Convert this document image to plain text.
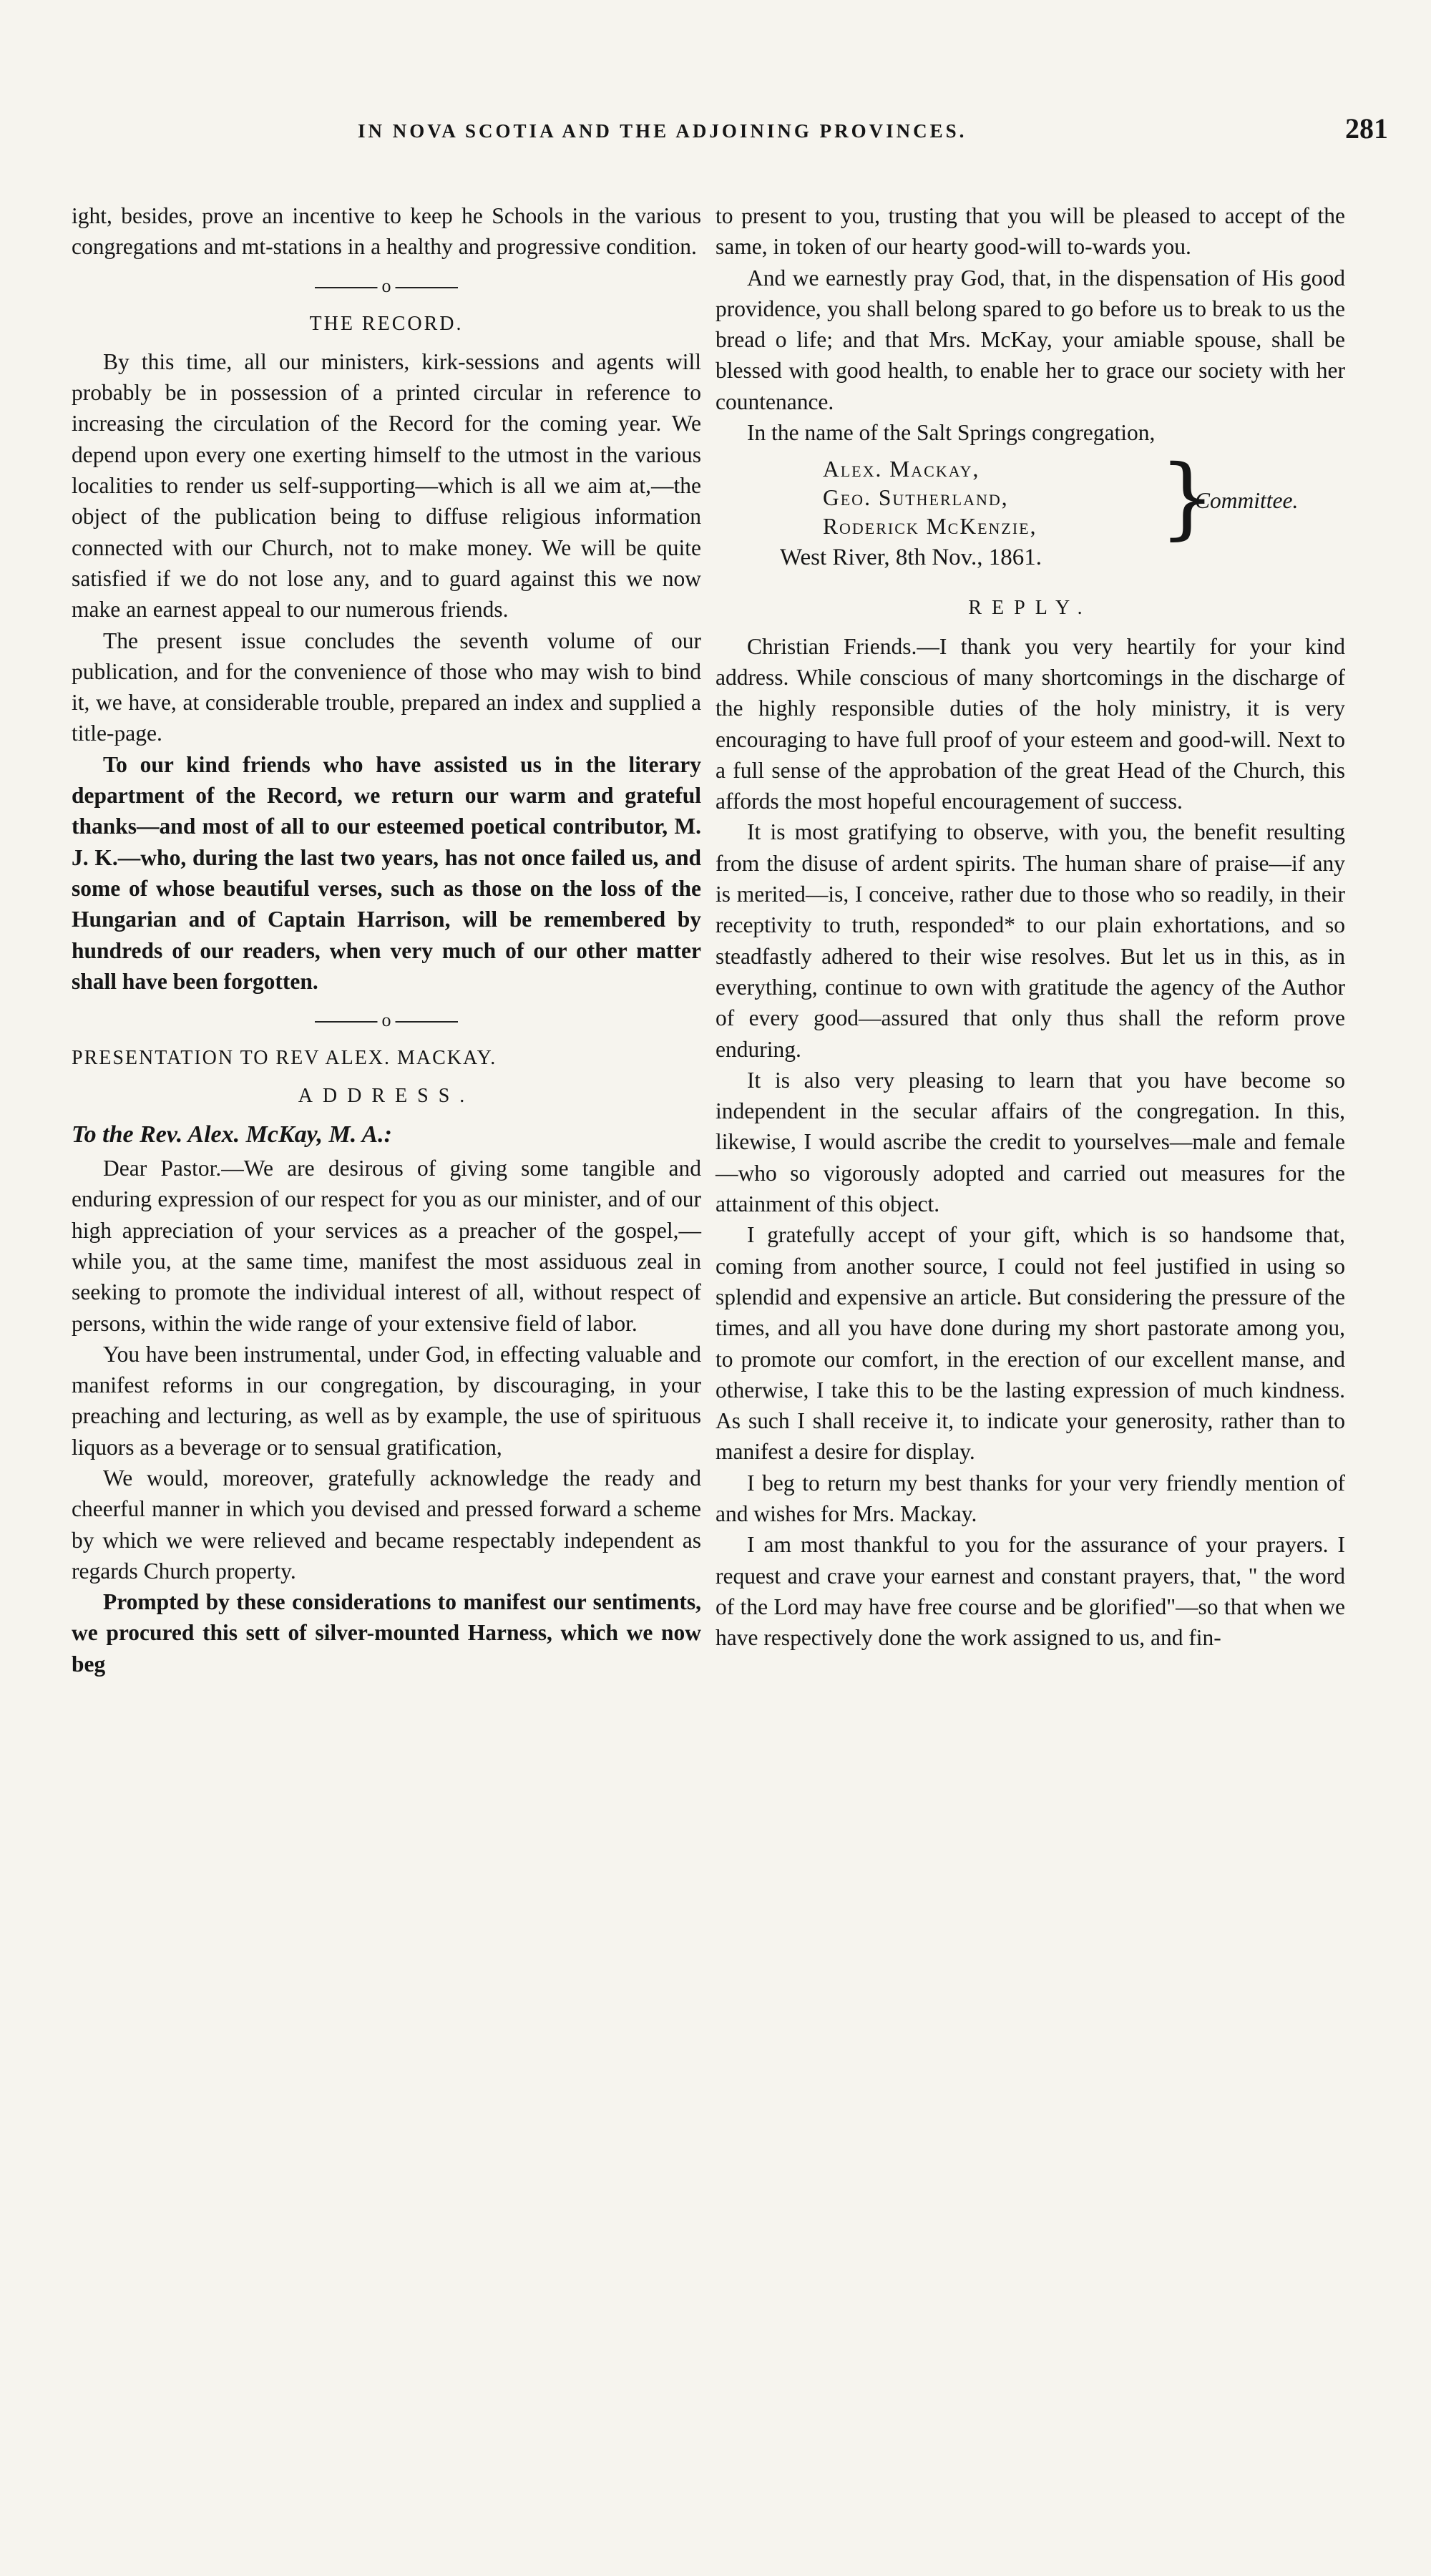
IN NOVA SCOTIA AND THE ADJOINING PROVINCES.	281

ight, besides, prove an incentive to keep he Schools in the various congregations and mt-stations in a healthy and progressive condition.

o
THE RECORD.

By this time, all our ministers, kirk-sessions and agents will probably be in possession of a printed circular in reference to increasing the circulation of the Record for the coming year. We depend upon every one exerting himself to the utmost in the various localities to render us self-supporting—which is all we aim at,—the object of the publication being to diffuse religious information connected with our Church, not to make money. We will be quite satisfied if we do not lose any, and to guard against this we now make an earnest appeal to our numerous friends.

The present issue concludes the seventh volume of our publication, and for the convenience of those who may wish to bind it, we have, at considerable trouble, prepared an index and supplied a title-page.

To our kind friends who have assisted us in the literary department of the Record, we return our warm and grateful thanks—and most of all to our esteemed poetical contributor, M. J. K.—who, during the last two years, has not once failed us, and some of whose beautiful verses, such as those on the loss of the Hungarian and of Captain Harrison, will be remembered by hundreds of our readers, when very much of our other matter shall have been forgotten.

o
PRESENTATION TO REV ALEX. MACKAY.
ADDRESS.
To the Rev. Alex. McKay, M. A.:

Dear Pastor.—We are desirous of giving some tangible and enduring expression of our respect for you as our minister, and of our high appreciation of your services as a preacher of the gospel,—while you, at the same time, manifest the most assiduous zeal in seeking to promote the individual interest of all, without respect of persons, within the wide range of your extensive field of labor.

You have been instrumental, under God, in effecting valuable and manifest reforms in our congregation, by discouraging, in your preaching and lecturing, as well as by example, the use of spirituous liquors as a beverage or to sensual gratification,

We would, moreover, gratefully acknowledge the ready and cheerful manner in which you devised and pressed forward a scheme by which we were relieved and became respectably independent as regards Church property.

Prompted by these considerations to manifest our sentiments, we procured this sett of silver-mounted Harness, which we now beg

to present to you, trusting that you will be pleased to accept of the same, in token of our hearty good-will to-wards you.

And we earnestly pray God, that, in the dispensation of His good providence, you shall belong spared to go before us to break to us the bread o life; and that Mrs. McKay, your amiable spouse, shall be blessed with good health, to enable her to grace our society with her countenance.

In the name of the Salt Springs congregation,

Alex. Mackay,
Geo. Sutherland,
Roderick McKenzie,	}
Committee.
West River, 8th Nov., 1861.
REPLY.

Christian Friends.—I thank you very heartily for your kind address. While conscious of many shortcomings in the discharge of the highly responsible duties of the holy ministry, it is very encouraging to have full proof of your esteem and good-will. Next to a full sense of the approbation of the great Head of the Church, this affords the most hopeful encouragement of success.

It is most gratifying to observe, with you, the benefit resulting from the disuse of ardent spirits. The human share of praise—if any is merited—is, I conceive, rather due to those who so readily, in their receptivity to truth, responded* to our plain exhortations, and so steadfastly adhered to their wise resolves. But let us in this, as in everything, continue to own with gratitude the agency of the Author of every good—assured that only thus shall the reform prove enduring.

It is also very pleasing to learn that you have become so independent in the secular affairs of the congregation. In this, likewise, I would ascribe the credit to yourselves—male and female—who so vigorously adopted and carried out measures for the attainment of this object.

I gratefully accept of your gift, which is so handsome that, coming from another source, I could not feel justified in using so splendid and expensive an article. But considering the pressure of the times, and all you have done during my short pastorate among you, to promote our comfort, in the erection of our excellent manse, and otherwise, I take this to be the lasting expression of much kindness. As such I shall receive it, to indicate your generosity, rather than to manifest a desire for display.

I beg to return my best thanks for your very friendly mention of and wishes for Mrs. Mackay.

I am most thankful to you for the assurance of your prayers. I request and crave your earnest and constant prayers, that, " the word of the Lord may have free course and be glorified"—so that when we have respectively done the work assigned to us, and fin-
